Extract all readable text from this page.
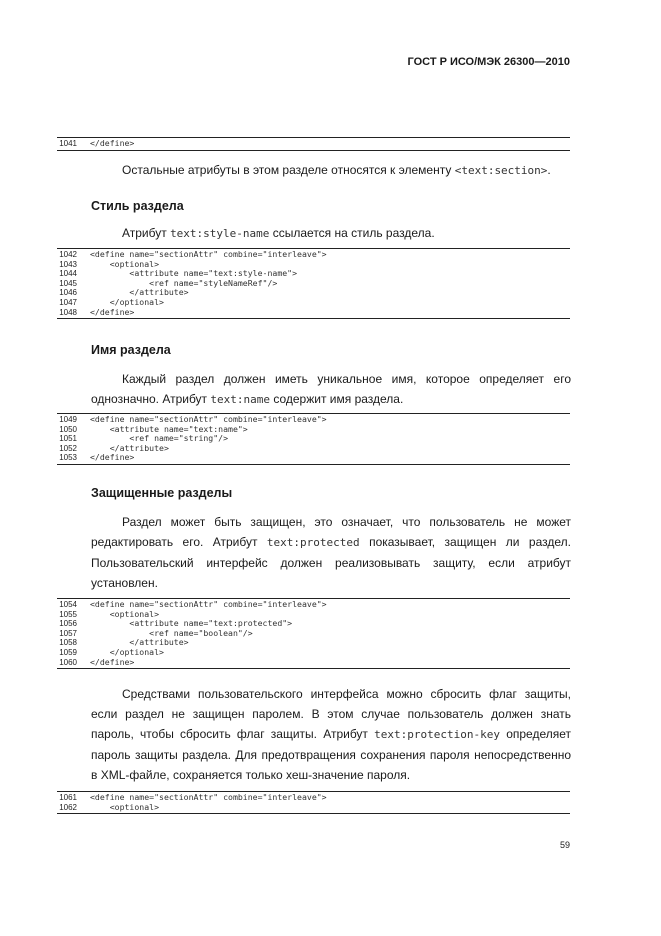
ГОСТ Р ИСО/МЭК 26300—2010
1041 </define>
Остальные атрибуты в этом разделе относятся к элементу <text:section>.
Стиль раздела
Атрибут text:style-name ссылается на стиль раздела.
1042 <define name="sectionAttr" combine="interleave">
1043 <optional>
1044 <attribute name="text:style-name">
1045 <ref name="styleNameRef"/>
1046 </attribute>
1047 </optional>
1048 </define>
Имя раздела
Каждый раздел должен иметь уникальное имя, которое определяет его однозначно. Атрибут text:name содержит имя раздела.
1049 <define name="sectionAttr" combine="interleave">
1050 <attribute name="text:name">
1051 <ref name="string"/>
1052 </attribute>
1053 </define>
Защищенные разделы
Раздел может быть защищен, это означает, что пользователь не может редактировать его. Атрибут text:protected показывает, защищен ли раздел. Пользовательский интерфейс должен реализовывать защиту, если атрибут установлен.
1054 <define name="sectionAttr" combine="interleave">
1055 <optional>
1056 <attribute name="text:protected">
1057 <ref name="boolean"/>
1058 </attribute>
1059 </optional>
1060 </define>
Средствами пользовательского интерфейса можно сбросить флаг защиты, если раздел не защищен паролем. В этом случае пользователь должен знать пароль, чтобы сбросить флаг защиты. Атрибут text:protection-key определяет пароль защиты раздела. Для предотвращения сохранения пароля непосредственно в XML-файле, сохраняется только хеш-значение пароля.
1061 <define name="sectionAttr" combine="interleave">
1062 <optional>
59
